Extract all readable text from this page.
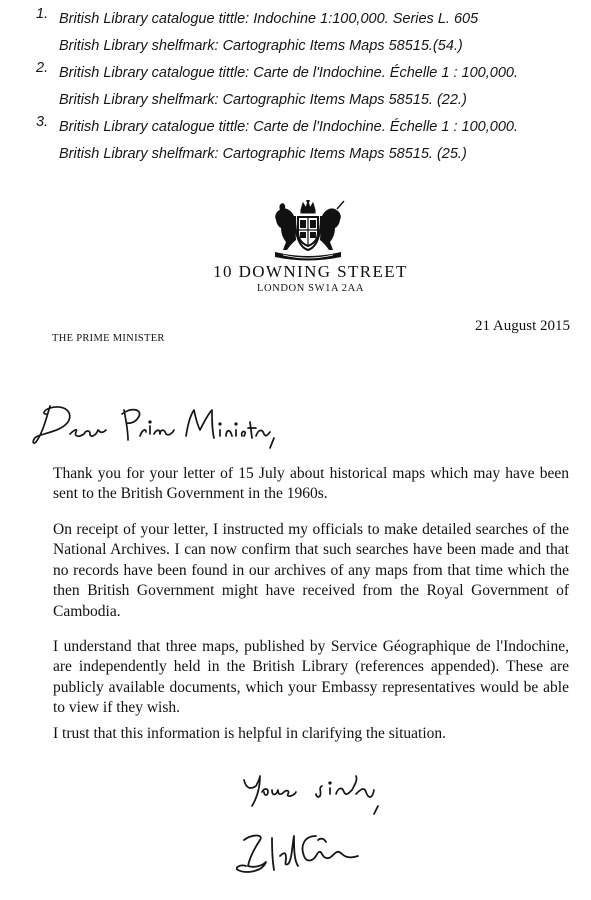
1. British Library catalogue tittle: Indochine 1:100,000. Series L. 605
British Library shelfmark: Cartographic Items Maps 58515.(54.)
2. British Library catalogue tittle: Carte de l'Indochine. Échelle 1 : 100,000.
British Library shelfmark: Cartographic Items Maps 58515. (22.)
3. British Library catalogue tittle: Carte de l'Indochine. Échelle 1 : 100,000.
British Library shelfmark: Cartographic Items Maps 58515. (25.)
10 DOWNING STREET
LONDON SW1A 2AA
21 August 2015
THE PRIME MINISTER

Thank you for your letter of 15 July about historical maps which may have been sent to the British Government in the 1960s.

On receipt of your letter, I instructed my officials to make detailed searches of the National Archives. I can now confirm that such searches have been made and that no records have been found in our archives of any maps from that time which the then British Government might have received from the Royal Government of Cambodia.

I understand that three maps, published by Service Géographique de l'Indochine, are independently held in the British Library (references appended). These are publicly available documents, which your Embassy representatives would be able to view if they wish.

I trust that this information is helpful in clarifying the situation.
